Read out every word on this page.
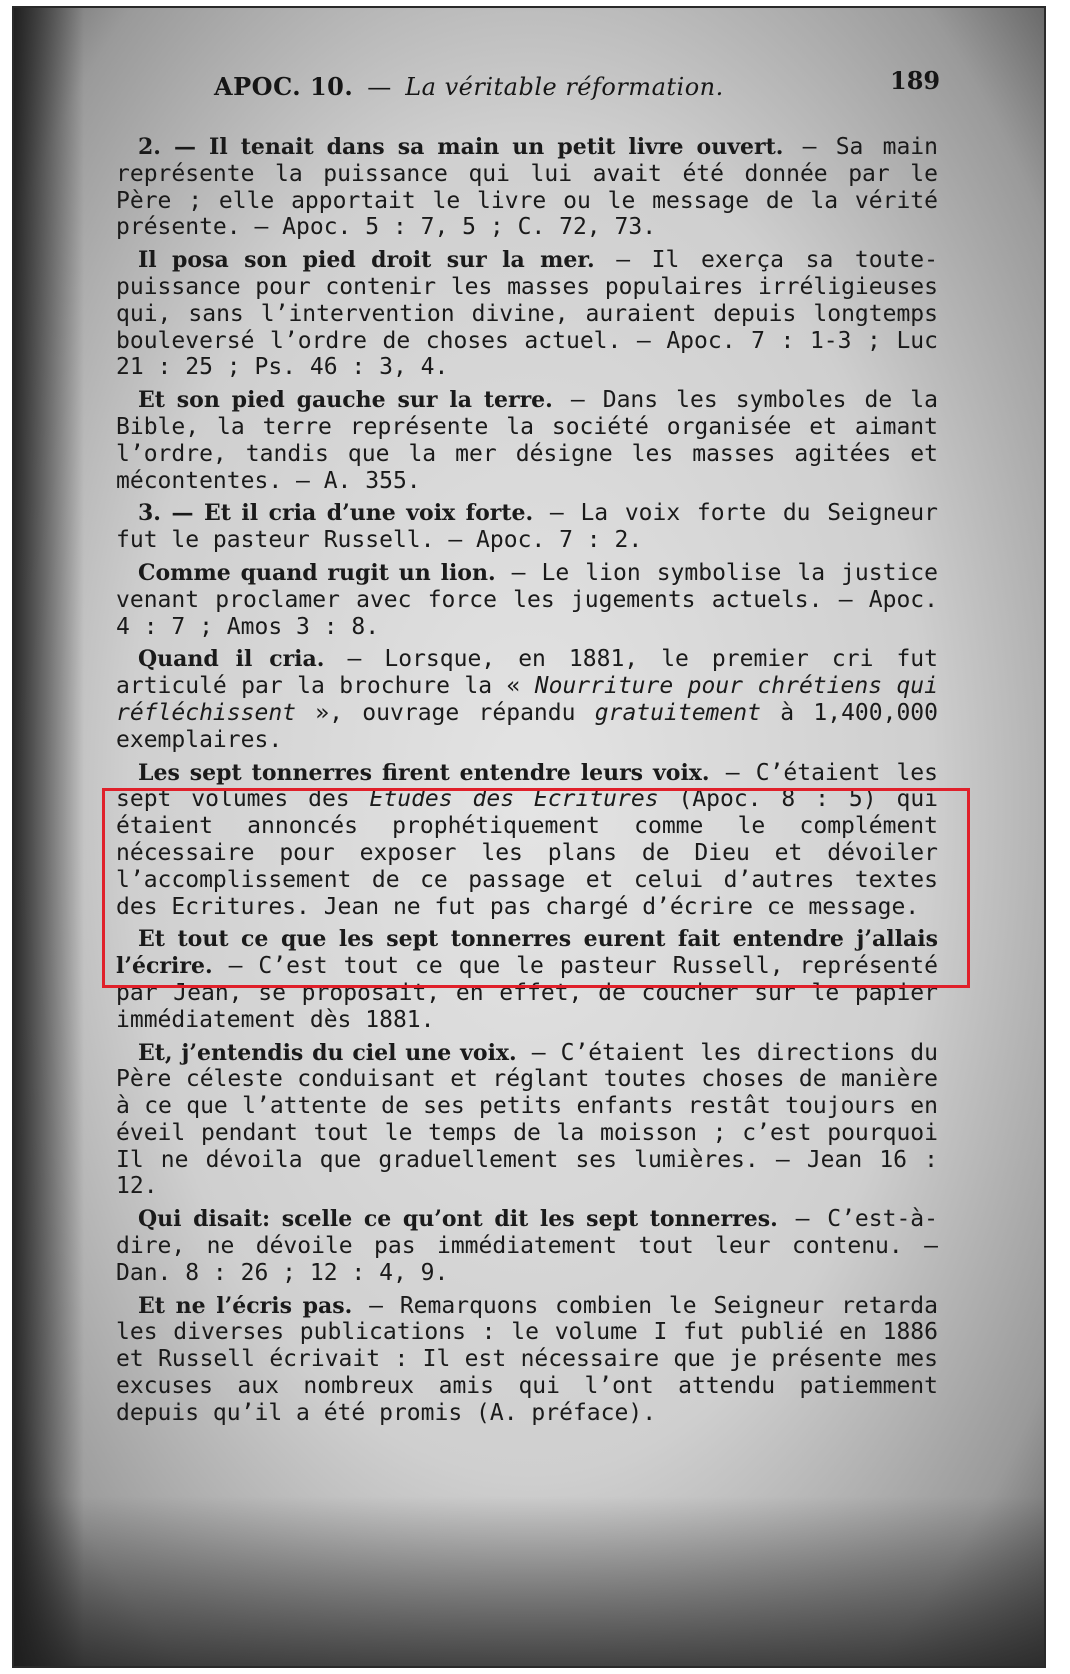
APOC. 10. — La véritable réformation.	189

2. — Il tenait dans sa main un petit livre ouvert. — Sa main représente la puissance qui lui avait été donnée par le Père ; elle apportait le livre ou le message de la vérité présente. — Apoc. 5 : 7, 5 ; C. 72, 73.

Il posa son pied droit sur la mer. — Il exerça sa toute-puissance pour contenir les masses populaires irréligieuses qui, sans l’intervention divine, auraient depuis longtemps bouleversé l’ordre de choses actuel. — Apoc. 7 : 1-3 ; Luc 21 : 25 ; Ps. 46 : 3, 4.

Et son pied gauche sur la terre. — Dans les symboles de la Bible, la terre représente la société organisée et aimant l’ordre, tandis que la mer désigne les masses agitées et mécontentes. — A. 355.

3. — Et il cria d’une voix forte. — La voix forte du Seigneur fut le pasteur Russell. — Apoc. 7 : 2.

Comme quand rugit un lion. — Le lion symbolise la justice venant proclamer avec force les jugements actuels. — Apoc. 4 : 7 ; Amos 3 : 8.

Quand il cria. — Lorsque, en 1881, le premier cri fut articulé par la brochure la « Nourriture pour chrétiens qui réfléchissent », ouvrage répandu gratuitement à 1,400,000 exemplaires.

Les sept tonnerres firent entendre leurs voix. — C’étaient les sept volumes des Etudes des Ecritures (Apoc. 8 : 5) qui étaient annoncés prophétiquement comme le complément nécessaire pour exposer les plans de Dieu et dévoiler l’accomplissement de ce passage et celui d’autres textes des Ecritures. Jean ne fut pas chargé d’écrire ce message.

Et tout ce que les sept tonnerres eurent fait entendre j’allais l’écrire. — C’est tout ce que le pasteur Russell, représenté par Jean, se proposait, en effet, de coucher sur le papier immédiatement dès 1881.

Et, j’entendis du ciel une voix. — C’étaient les directions du Père céleste conduisant et réglant toutes choses de manière à ce que l’attente de ses petits enfants restât toujours en éveil pendant tout le temps de la moisson ; c’est pourquoi Il ne dévoila que graduellement ses lumières. — Jean 16 : 12.

Qui disait: scelle ce qu’ont dit les sept tonnerres. — C’est-à-dire, ne dévoile pas immédiatement tout leur contenu. — Dan. 8 : 26 ; 12 : 4, 9.

Et ne l’écris pas. — Remarquons combien le Seigneur retarda les diverses publications : le volume I fut publié en 1886 et Russell écrivait : Il est nécessaire que je présente mes excuses aux nombreux amis qui l’ont attendu patiemment depuis qu’il a été promis (A. préface).
